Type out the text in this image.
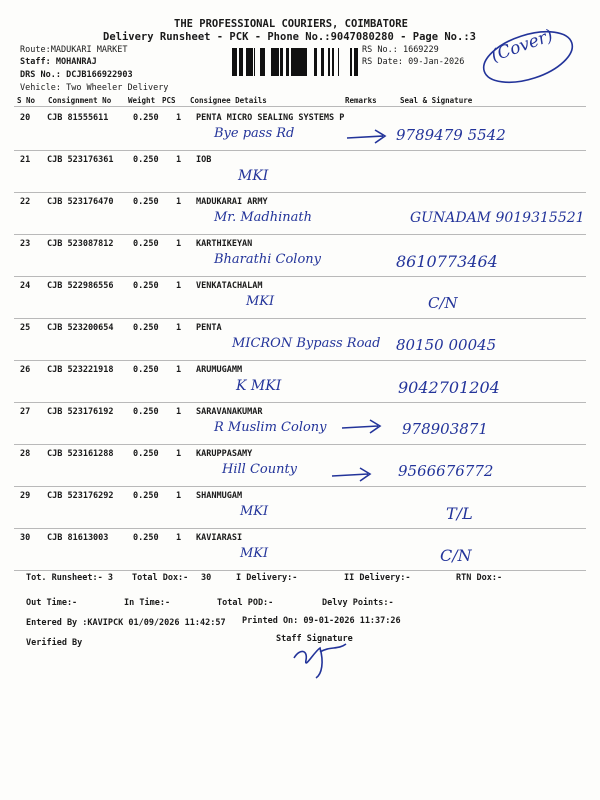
THE PROFESSIONAL COURIERS, COIMBATORE
Delivery Runsheet - PCK - Phone No.:9047080280 - Page No.:3
Route:MADUKARI MARKET
Staff: MOHANRAJ
DRS No.: DCJB166922903
Vehicle: Two Wheeler Delivery
RS No.: 1669229
RS Date: 09-Jan-2026 (Cover)
S No Consignment No Weight PCS Consignee Details	Remarks	Seal & Signature
20 CJB 81555611	0.250 1 PENTA MICRO SEALING SYSTEMS P
Bye pass Rd	9789479 5542
21 CJB 523176361 0.250 1 IOB
MKI
22 CJB 523176470 0.250 1 MADUKARAI ARMY
Mr. Madhinath	GUNADAM 9019315521
23 CJB 523087812 0.250 1 KARTHIKEYAN
Bharathi Colony	8610773464
24 CJB 522986556 0.250 1 VENKATACHALAM
MKI	C/N
25 CJB 523200654 0.250 1 PENTA
MICRON Bypass Road 80150 00045
26 CJB 523221918 0.250 1 ARUMUGAMM
K MKI	9042701204
27 CJB 523176192 0.250 1 SARAVANAKUMAR
R Muslim Colony	978903871
28 CJB 523161288 0.250 1 KARUPPASAMY
Hill County	9566676772
29 CJB 523176292 0.250 1 SHANMUGAM
MKI	T/L
30 CJB 81613003	0.250 1 KAVIARASI
MKI	C/N
Tot. Runsheet:- 3 Total Dox:- 30	I Delivery:-	II Delivery:-	RTN Dox:-
Out Time:-	In Time:-	Total POD:-	Delvy Points:-
Entered By :KAVIPCK 01/09/2026 11:42:57 Printed On: 09-01-2026 11:37:26
Verified By	Staff Signature
